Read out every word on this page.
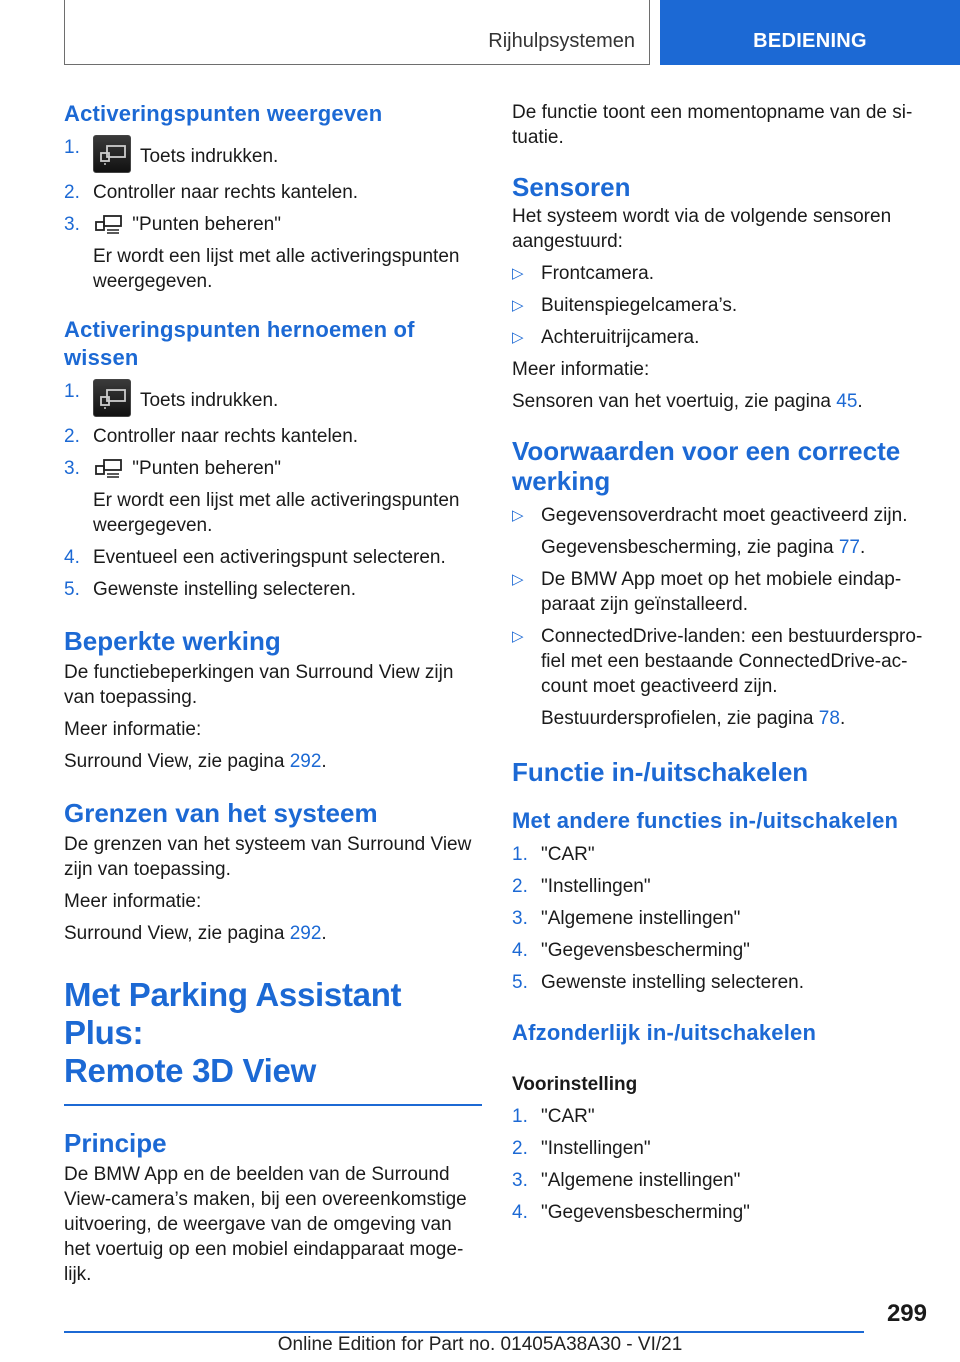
Rijhulpsystemen	BEDIENING
Activeringspunten weergeven
1.	Toets indrukken.
2. Controller naar rechts kantelen.
3.	"Punten beheren"
Er wordt een lijst met alle activeringspunten weergegeven.
Activeringspunten hernoemen of wissen
1.	Toets indrukken.
2. Controller naar rechts kantelen.
3.	"Punten beheren"
Er wordt een lijst met alle activeringspunten weergegeven.
4. Eventueel een activeringspunt selecteren.
5. Gewenste instelling selecteren.
Beperkte werking

De functiebeperkingen van Surround View zijn van toepassing.

Meer informatie:

Surround View, zie pagina 292.

Grenzen van het systeem

De grenzen van het systeem van Surround View zijn van toepassing.

Meer informatie:

Surround View, zie pagina 292.

Met Parking Assistant Plus:
Remote 3D View
Principe

De BMW App en de beelden van de Surround View-camera’s maken, bij een overeenkomstige uitvoering, de weergave van de omgeving van het voertuig op een mobiel eindapparaat mogelijk.

De functie toont een momentopname van de situatie.

Sensoren

Het systeem wordt via de volgende sensoren aangestuurd:

▷ Frontcamera.
▷ Buitenspiegelcamera’s.
▷ Achteruitrijcamera.

Meer informatie:

Sensoren van het voertuig, zie pagina 45.

Voorwaarden voor een correcte werking
▷ Gegevensoverdracht moet geactiveerd zijn.
Gegevensbescherming, zie pagina 77.
▷ De BMW App moet op het mobiele eindapparaat zijn geïnstalleerd.
▷ ConnectedDrive-landen: een bestuurdersprofiel met een bestaande ConnectedDrive-account moet geactiveerd zijn.
Bestuurdersprofielen, zie pagina 78.
Functie in-/uitschakelen
Met andere functies in-/uitschakelen
1. "CAR"
2. "Instellingen"
3. "Algemene instellingen"
4. "Gegevensbescherming"
5. Gewenste instelling selecteren.
Afzonderlijk in-/uitschakelen
Voorinstelling
1. "CAR"
2. "Instellingen"
3. "Algemene instellingen"
4. "Gegevensbescherming"
299
Online Edition for Part no. 01405A38A30 - VI/21
